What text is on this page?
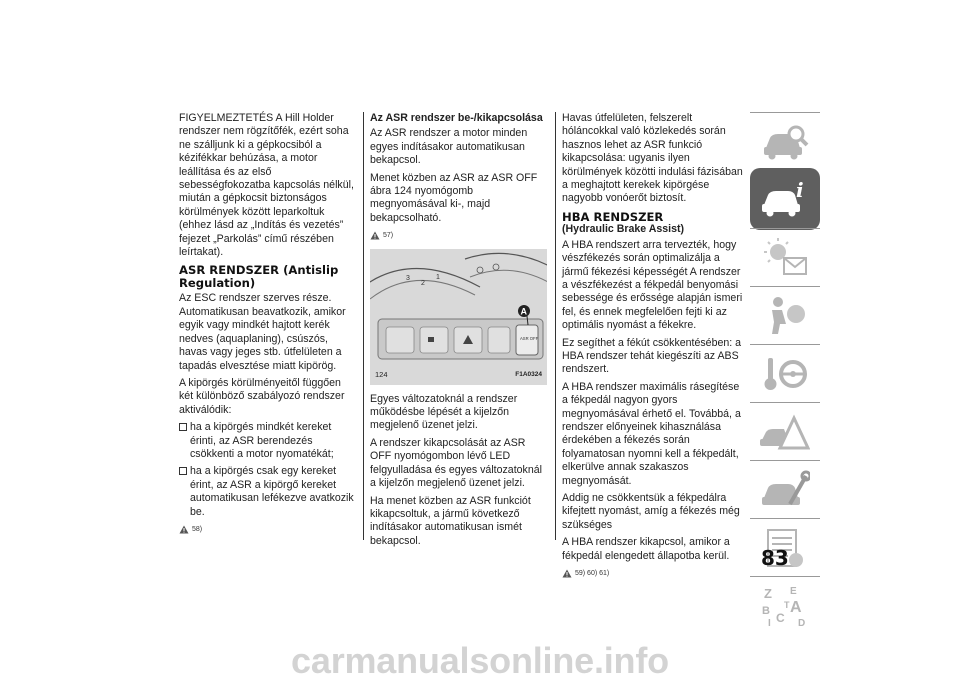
FIGYELMEZTETÉS A Hill Holder rendszer nem rögzítőfék, ezért soha ne szálljunk ki a gépkocsiból a kézifékkar behúzása, a motor leállítása és az első sebességfokozatba kapcsolás nélkül, miután a gépkocsit biztonságos körülmények között leparkoltuk (ehhez lásd az „Indítás és vezetés” fejezet „Parkolás” című részében leírtakat).

ASR RENDSZER (Antislip Regulation)

Az ESC rendszer szerves része. Automatikusan beavatkozik, amikor egyik vagy mindkét hajtott kerék nedves (aquaplaning), csúszós, havas vagy jeges stb. útfelületen a tapadás elvesztése miatt kipörög.

A kipörgés körülményeitől függően két különböző szabályozó rendszer aktiválódik:

ha a kipörgés mindkét kereket érinti, az ASR berendezés csökkenti a motor nyomatékát;

ha a kipörgés csak egy kereket érint, az ASR a kipörgő kereket automatikusan lefékezve avatkozik be.

58)
Az ASR rendszer be-/kikapcsolása

Az ASR rendszer a motor minden egyes indításakor automatikusan bekapcsol.

Menet közben az ASR az ASR OFF ábra 124 nyomógomb megnyomásával ki-, majd bekapcsolható.

57)
3
2
1
ASR OFF
A
124	F1A0324

Egyes változatoknál a rendszer működésbe lépését a kijelzőn megjelenő üzenet jelzi.

A rendszer kikapcsolását az ASR OFF nyomógombon lévő LED felgyulladása és egyes változatoknál a kijelzőn megjelenő üzenet jelzi.

Ha menet közben az ASR funkciót kikapcsoltuk, a jármű következő indításakor automatikusan ismét bekapcsol.

Havas útfelületen, felszerelt hóláncokkal való közlekedés során hasznos lehet az ASR funkció kikapcsolása: ugyanis ilyen körülmények közötti indulási fázisában a meghajtott kerekek kipörgése nagyobb vonóerőt biztosít.

HBA RENDSZER
(Hydraulic Brake Assist)

A HBA rendszert arra tervezték, hogy vészfékezés során optimalizálja a jármű fékezési képességét A rendszer a vészfékezést a fékpedál benyomási sebessége és erőssége alapján ismeri fel, és ennek megfelelően fejti ki az optimális nyomást a fékekre.

Ez segíthet a fékút csökkentésében: a HBA rendszer tehát kiegészíti az ABS rendszert.

A HBA rendszer maximális rásegítése a fékpedál nagyon gyors megnyomásával érhető el. Továbbá, a rendszer előnyeinek kihasználása érdekében a fékezés során folyamatosan nyomni kell a fékpedált, elkerülve annak szakaszos megnyomását.

Addig ne csökkentsük a fékpedálra kifejtett nyomást, amíg a fékezés még szükséges

A HBA rendszer kikapcsol, amikor a fékpedál elengedett állapotba kerül.

59) 60) 61)
i
Z E
B A
C
T
D
I
83
carmanualsonline.info
